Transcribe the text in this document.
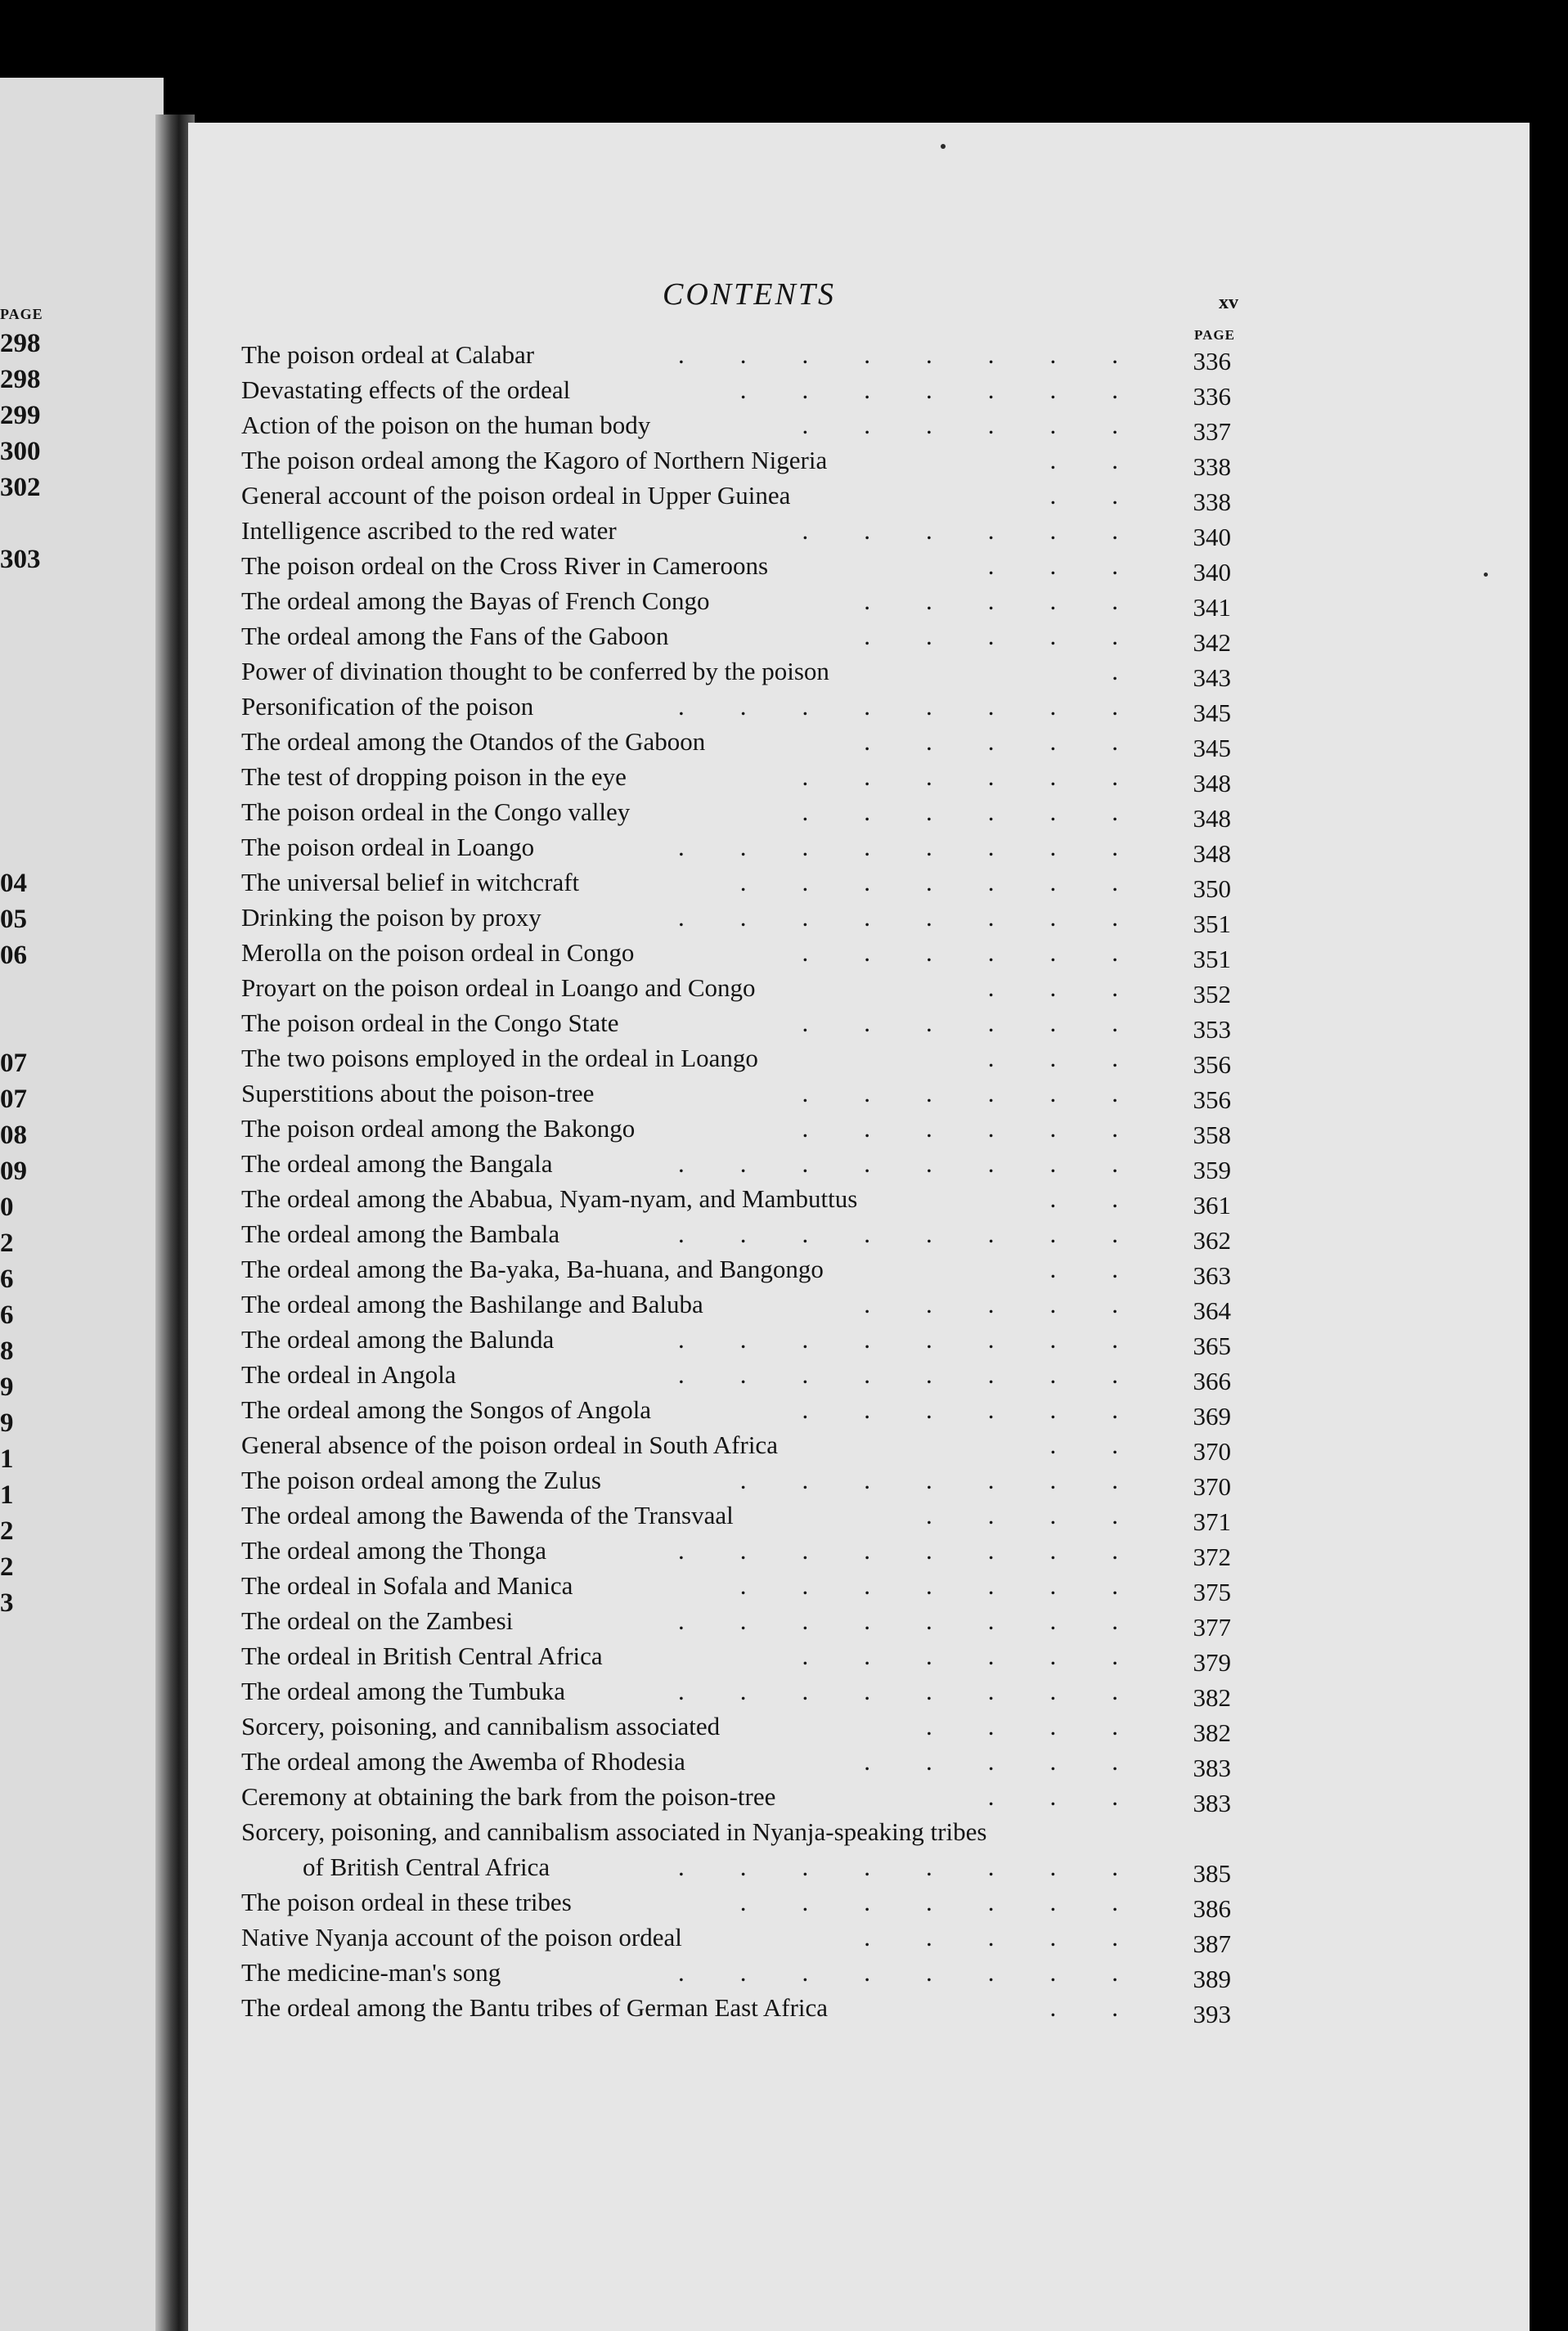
PAGE
298
298
299
300
302
303
04
05
06
07
07
08
09
0
2
6
6
8
9
9
1
1
2
2
3
CONTENTS	xv
PAGE
The poison ordeal at Calabar	........ 336
Devastating effects of the ordeal	....... 336
Action of the poison on the human body	...... 337
The poison ordeal among the Kagoro of Northern Nigeria	.. 338
General account of the poison ordeal in Upper Guinea	.. 338
Intelligence ascribed to the red water	...... 340
The poison ordeal on the Cross River in Cameroons	... 340
The ordeal among the Bayas of French Congo	..... 341
The ordeal among the Fans of the Gaboon	..... 342
Power of divination thought to be conferred by the poison	. 343
Personification of the poison	........ 345
The ordeal among the Otandos of the Gaboon	..... 345
The test of dropping poison in the eye	...... 348
The poison ordeal in the Congo valley	...... 348
The poison ordeal in Loango	........ 348
The universal belief in witchcraft	....... 350
Drinking the poison by proxy	........ 351
Merolla on the poison ordeal in Congo	...... 351
Proyart on the poison ordeal in Loango and Congo	... 352
The poison ordeal in the Congo State	...... 353
The two poisons employed in the ordeal in Loango	... 356
Superstitions about the poison-tree	...... 356
The poison ordeal among the Bakongo	...... 358
The ordeal among the Bangala	........ 359
The ordeal among the Ababua, Nyam-nyam, and Mambuttus	.. 361
The ordeal among the Bambala	........ 362
The ordeal among the Ba-yaka, Ba-huana, and Bangongo	.. 363
The ordeal among the Bashilange and Baluba	..... 364
The ordeal among the Balunda	........ 365
The ordeal in Angola	........ 366
The ordeal among the Songos of Angola	...... 369
General absence of the poison ordeal in South Africa	.. 370
The poison ordeal among the Zulus	....... 370
The ordeal among the Bawenda of the Transvaal	.... 371
The ordeal among the Thonga	........ 372
The ordeal in Sofala and Manica	....... 375
The ordeal on the Zambesi	........ 377
The ordeal in British Central Africa	...... 379
The ordeal among the Tumbuka	........ 382
Sorcery, poisoning, and cannibalism associated	.... 382
The ordeal among the Awemba of Rhodesia	..... 383
Ceremony at obtaining the bark from the poison-tree	... 383
Sorcery, poisoning, and cannibalism associated in Nyanja-speaking tribes
of British Central Africa	........ 385
The poison ordeal in these tribes	....... 386
Native Nyanja account of the poison ordeal	..... 387
The medicine-man's song	........ 389
The ordeal among the Bantu tribes of German East Africa	.. 393
